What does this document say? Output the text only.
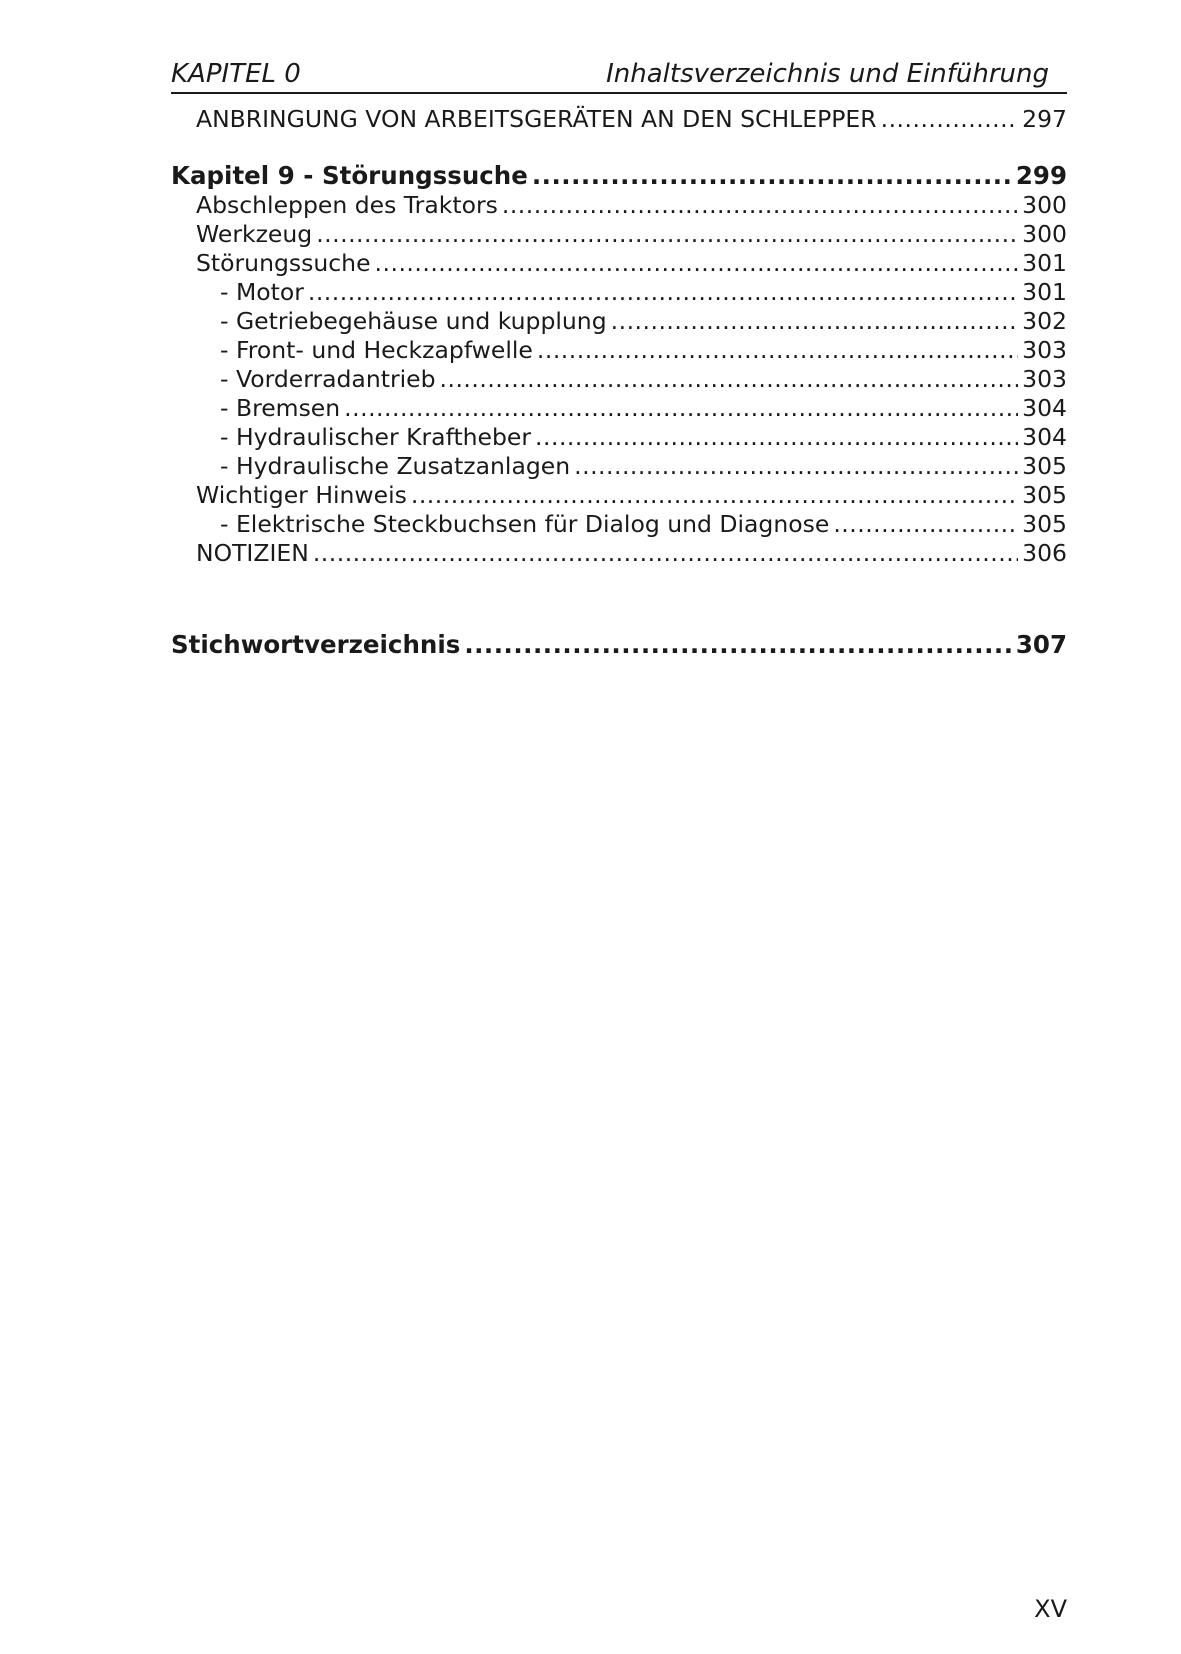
KAPITEL 0	Inhaltsverzeichnis und Einführung
ANBRINGUNG VON ARBEITSGERÄTEN AN DEN SCHLEPPER .....	297
Kapitel 9 - Störungssuche .....	299
Abschleppen des Traktors .....	300
Werkzeug .....	300
Störungssuche .....	301
- Motor .....	301
- Getriebegehäuse und kupplung .....	302
- Front- und Heckzapfwelle .....	303
- Vorderradantrieb .....	303
- Bremsen .....	304
- Hydraulischer Kraftheber .....	304
- Hydraulische Zusatzanlagen .....	305
Wichtiger Hinweis .....	305
- Elektrische Steckbuchsen für Dialog und Diagnose .....	305
NOTIZIEN .....	306
Stichwortverzeichnis .....	307
XV
